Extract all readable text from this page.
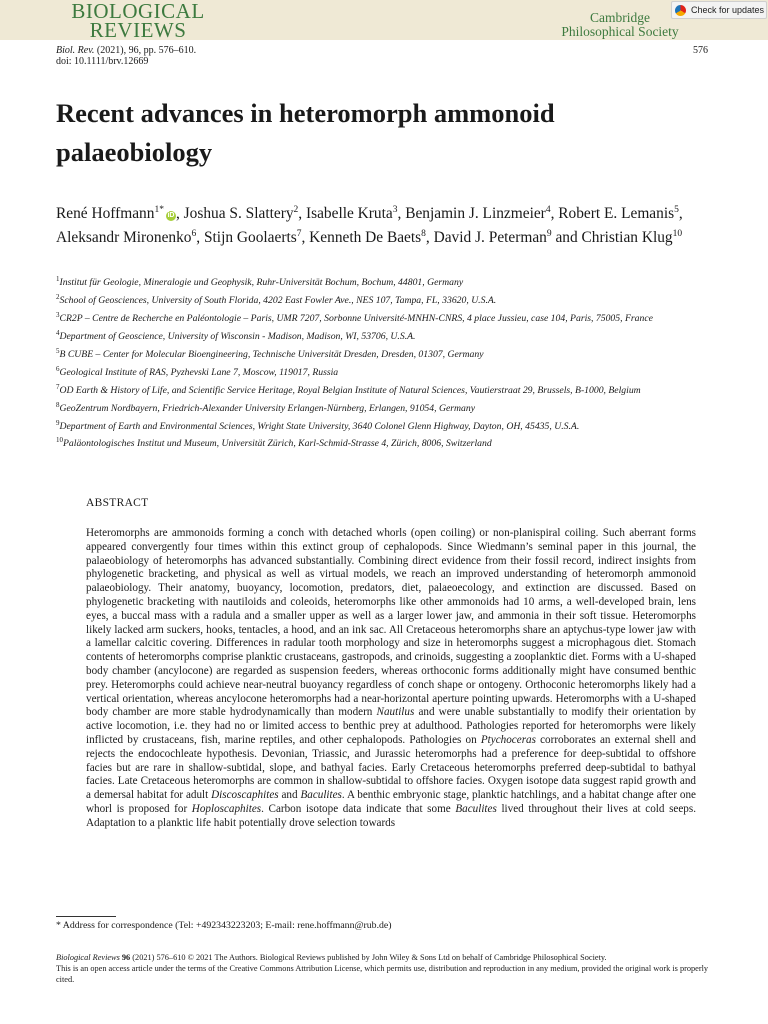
BIOLOGICAL
REVIEWS
Cambridge
Philosophical Society
Check for updates
Biol. Rev. (2021), 96, pp. 576–610.
doi: 10.1111/brv.12669
576
Recent advances in heteromorph ammonoid palaeobiology
René Hoffmann$^{1*}$iD, Joshua S. Slattery$^2$, Isabelle Kruta$^3$, Benjamin J. Linzmeier$^4$, Robert E. Lemanis$^5$, Aleksandr Mironenko$^6$, Stijn Goolaerts$^7$, Kenneth De Baets$^8$, David J. Peterman$^9$ and Christian Klug$^{10}$
$^1$Institut für Geologie, Mineralogie und Geophysik, Ruhr-Universität Bochum, Bochum, 44801, Germany
$^2$School of Geosciences, University of South Florida, 4202 East Fowler Ave., NES 107, Tampa, FL, 33620, U.S.A.
$^3$CR2P – Centre de Recherche en Paléontologie – Paris, UMR 7207, Sorbonne Université-MNHN-CNRS, 4 place Jussieu, case 104, Paris, 75005, France
$^4$Department of Geoscience, University of Wisconsin - Madison, Madison, WI, 53706, U.S.A.
$^5$B CUBE – Center for Molecular Bioengineering, Technische Universität Dresden, Dresden, 01307, Germany
$^6$Geological Institute of RAS, Pyzhevski Lane 7, Moscow, 119017, Russia
$^7$OD Earth & History of Life, and Scientific Service Heritage, Royal Belgian Institute of Natural Sciences, Vautierstraat 29, Brussels, B-1000, Belgium
$^8$GeoZentrum Nordbayern, Friedrich-Alexander University Erlangen-Nürnberg, Erlangen, 91054, Germany
$^9$Department of Earth and Environmental Sciences, Wright State University, 3640 Colonel Glenn Highway, Dayton, OH, 45435, U.S.A.
$^{10}$Paläontologisches Institut und Museum, Universität Zürich, Karl-Schmid-Strasse 4, Zürich, 8006, Switzerland
ABSTRACT

Heteromorphs are ammonoids forming a conch with detached whorls (open coiling) or non-planispiral coiling. Such aberrant forms appeared convergently four times within this extinct group of cephalopods. Since Wiedmann’s seminal paper in this journal, the palaeobiology of heteromorphs has advanced substantially. Combining direct evidence from their fossil record, indirect insights from phylogenetic bracketing, and physical as well as virtual models, we reach an improved understanding of heteromorph ammonoid palaeobiology. Their anatomy, buoyancy, locomotion, predators, diet, palaeoecology, and extinction are discussed. Based on phylogenetic bracketing with nautiloids and coleoids, heteromorphs like other ammonoids had 10 arms, a well-developed brain, lens eyes, a buccal mass with a radula and a smaller upper as well as a larger lower jaw, and ammonia in their soft tissue. Heteromorphs likely lacked arm suckers, hooks, tentacles, a hood, and an ink sac. All Cretaceous heteromorphs share an aptychus-type lower jaw with a lamellar calcitic covering. Differences in radular tooth morphology and size in heteromorphs suggest a microphagous diet. Stomach contents of heteromorphs comprise planktic crustaceans, gastropods, and crinoids, suggesting a zooplanktic diet. Forms with a U-shaped body chamber (ancylocone) are regarded as suspension feeders, whereas orthoconic forms additionally might have consumed benthic prey. Heteromorphs could achieve near-neutral buoyancy regardless of conch shape or ontogeny. Orthoconic heteromorphs likely had a vertical orientation, whereas ancylocone heteromorphs had a near-horizontal aperture pointing upwards. Heteromorphs with a U-shaped body chamber are more stable hydrodynamically than modern Nautilus and were unable substantially to modify their orientation by active locomotion, i.e. they had no or limited access to benthic prey at adulthood. Pathologies reported for heteromorphs were likely inflicted by crustaceans, fish, marine reptiles, and other cephalopods. Pathologies on Ptychoceras corroborates an external shell and rejects the endocochleate hypothesis. Devonian, Triassic, and Jurassic heteromorphs had a preference for deep-subtidal to offshore facies but are rare in shallow-subtidal, slope, and bathyal facies. Early Cretaceous heteromorphs preferred deep-subtidal to bathyal facies. Late Cretaceous heteromorphs are common in shallow-subtidal to offshore facies. Oxygen isotope data suggest rapid growth and a demersal habitat for adult Discoscaphites and Baculites. A benthic embryonic stage, planktic hatchlings, and a habitat change after one whorl is proposed for Hoploscaphites. Carbon isotope data indicate that some Baculites lived throughout their lives at cold seeps. Adaptation to a planktic life habit potentially drove selection towards

* Address for correspondence (Tel: +492343223203; E-mail: rene.hoffmann@rub.de)

Biological Reviews 96 (2021) 576–610 © 2021 The Authors. Biological Reviews published by John Wiley & Sons Ltd on behalf of Cambridge Philosophical Society.

This is an open access article under the terms of the Creative Commons Attribution License, which permits use, distribution and reproduction in any medium, provided the original work is properly cited.
